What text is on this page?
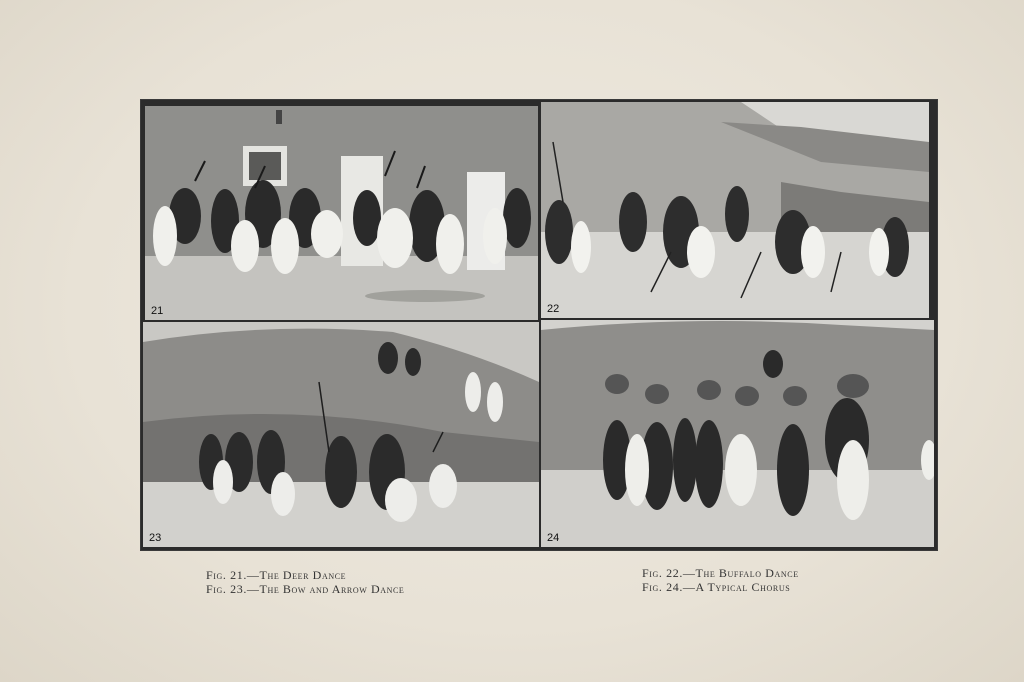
21	22
23	24
Fig. 21.—The Deer Dance
Fig. 23.—The Bow and Arrow Dance
Fig. 22.—The Buffalo Dance
Fig. 24.—A Typical Chorus
